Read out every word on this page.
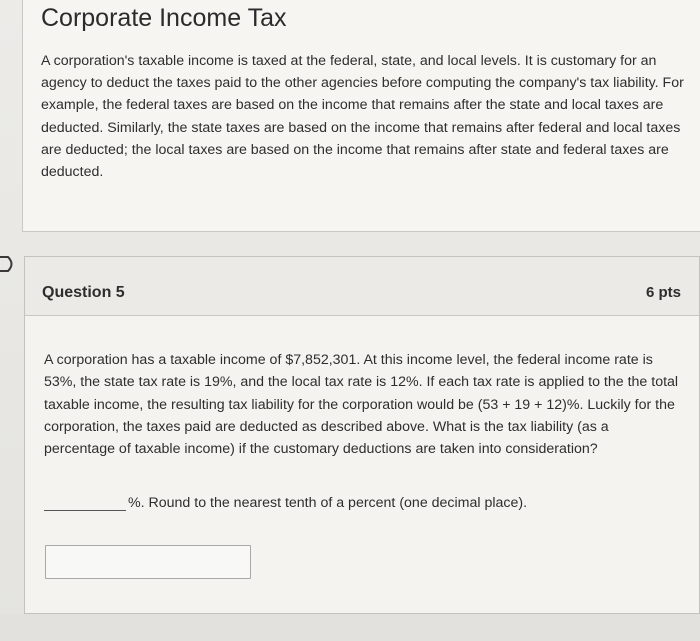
Corporate Income Tax
A corporation's taxable income is taxed at the federal, state, and local levels. It is customary for an agency to deduct the taxes paid to the other agencies before computing the company's tax liability. For example, the federal taxes are based on the income that remains after the state and local taxes are deducted. Similarly, the state taxes are based on the income that remains after federal and local taxes are deducted; the local taxes are based on the income that remains after state and federal taxes are deducted.
Question 5	6 pts
A corporation has a taxable income of $7,852,301. At this income level, the federal income rate is 53%, the state tax rate is 19%, and the local tax rate is 12%. If each tax rate is applied to the the total taxable income, the resulting tax liability for the corporation would be (53 + 19 + 12)%. Luckily for the corporation, the taxes paid are deducted as described above. What is the tax liability (as a percentage of taxable income) if the customary deductions are taken into consideration?
%. Round to the nearest tenth of a percent (one decimal place).
